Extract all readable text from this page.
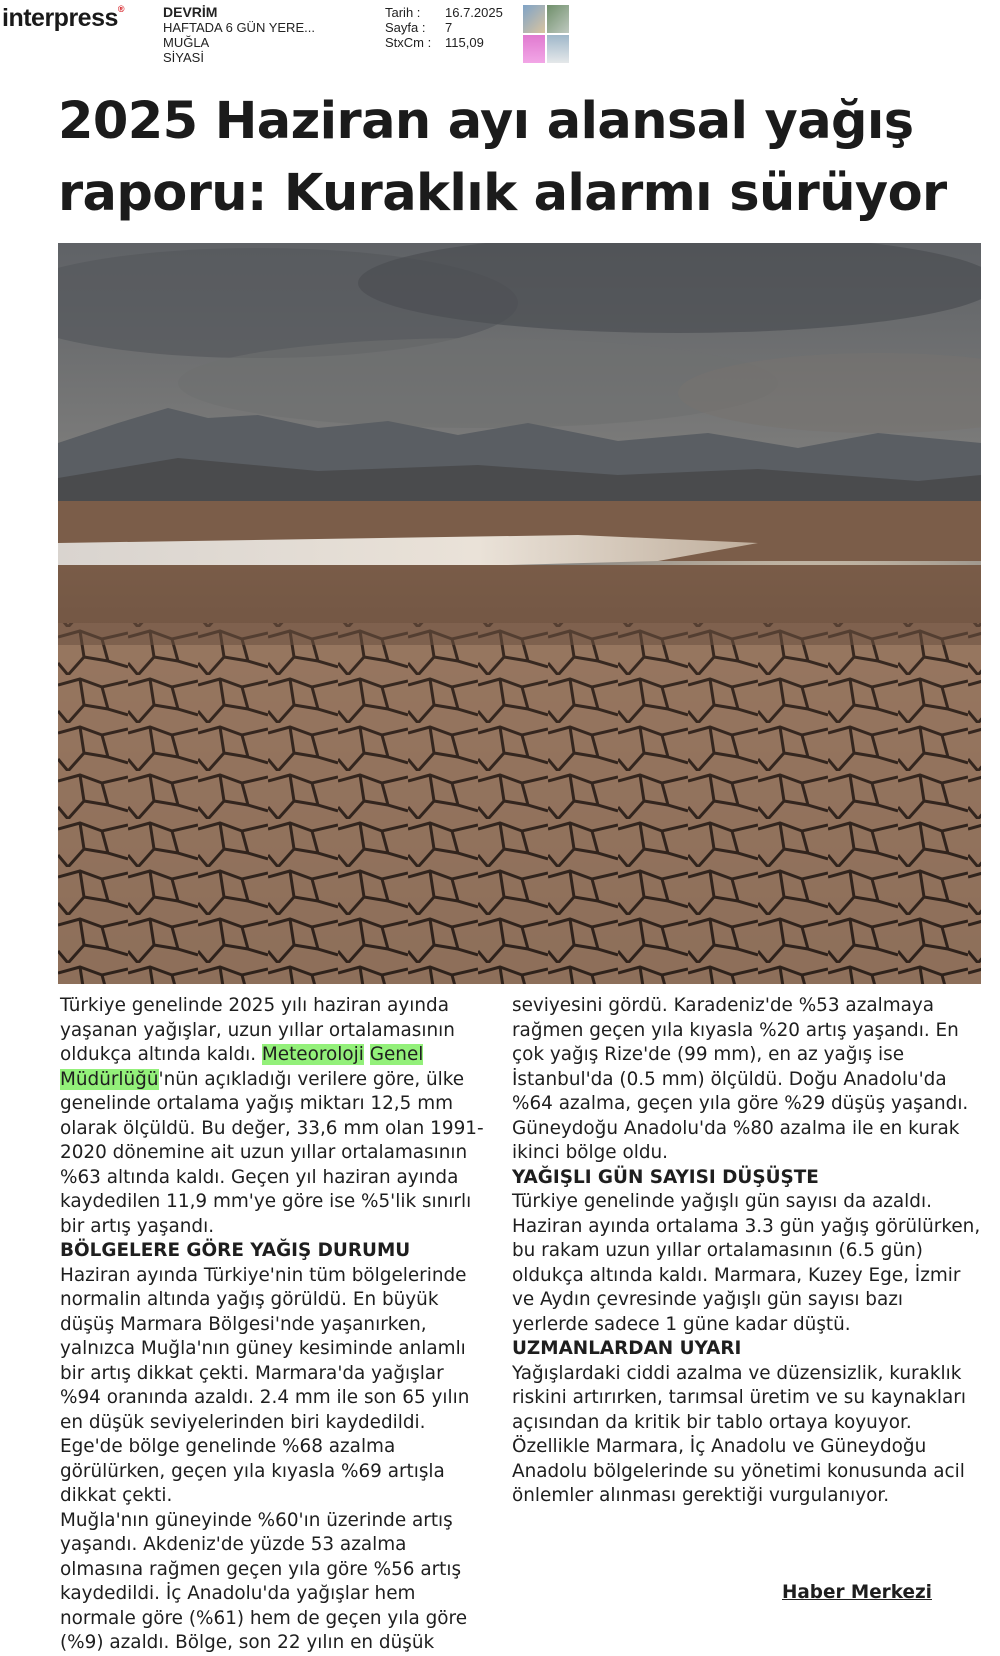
interpress®	DEVRİM
HAFTADA 6 GÜN YERE...
MUĞLA
SİYASİ
Tarih :	16.7.2025
Sayfa :	7
StxCm :	115,09
2025 Haziran ayı alansal yağış raporu: Kuraklık alarmı sürüyor

Türkiye genelinde 2025 yılı haziran ayında yaşanan yağışlar, uzun yıllar ortalamasının oldukça altında kaldı. Meteoroloji Genel Müdürlüğü'nün açıkladığı verilere göre, ülke genelinde ortalama yağış miktarı 12,5 mm olarak ölçüldü. Bu değer, 33,6 mm olan 1991-2020 dönemine ait uzun yıllar ortalamasının %63 altında kaldı. Geçen yıl haziran ayında kaydedilen 11,9 mm'ye göre ise %5'lik sınırlı bir artış yaşandı.

BÖLGELERE GÖRE YAĞIŞ DURUMU

Haziran ayında Türkiye'nin tüm bölgelerinde normalin altında yağış görüldü. En büyük düşüş Marmara Bölgesi'nde yaşanırken, yalnızca Muğla'nın güney kesiminde anlamlı bir artış dikkat çekti. Marmara'da yağışlar %94 oranında azaldı. 2.4 mm ile son 65 yılın en düşük seviyelerinden biri kaydedildi. Ege'de bölge genelinde %68 azalma görülürken, geçen yıla kıyasla %69 artışla dikkat çekti.

Muğla'nın güneyinde %60'ın üzerinde artış yaşandı. Akdeniz'de yüzde 53 azalma olmasına rağmen geçen yıla göre %56 artış kaydedildi. İç Anadolu'da yağışlar hem normale göre (%61) hem de geçen yıla göre (%9) azaldı. Bölge, son 22 yılın en düşük

seviyesini gördü. Karadeniz'de %53 azalmaya rağmen geçen yıla kıyasla %20 artış yaşandı. En çok yağış Rize'de (99 mm), en az yağış ise İstanbul'da (0.5 mm) ölçüldü. Doğu Anadolu'da %64 azalma, geçen yıla göre %29 düşüş yaşandı. Güneydoğu Anadolu'da %80 azalma ile en kurak ikinci bölge oldu.

YAĞIŞLI GÜN SAYISI DÜŞÜŞTE

Türkiye genelinde yağışlı gün sayısı da azaldı. Haziran ayında ortalama 3.3 gün yağış görülürken, bu rakam uzun yıllar ortalamasının (6.5 gün) oldukça altında kaldı. Marmara, Kuzey Ege, İzmir ve Aydın çevresinde yağışlı gün sayısı bazı yerlerde sadece 1 güne kadar düştü.

UZMANLARDAN UYARI

Yağışlardaki ciddi azalma ve düzensizlik, kuraklık riskini artırırken, tarımsal üretim ve su kaynakları açısından da kritik bir tablo ortaya koyuyor. Özellikle Marmara, İç Anadolu ve Güneydoğu Anadolu bölgelerinde su yönetimi konusunda acil önlemler alınması gerektiği vurgulanıyor.

Haber Merkezi
